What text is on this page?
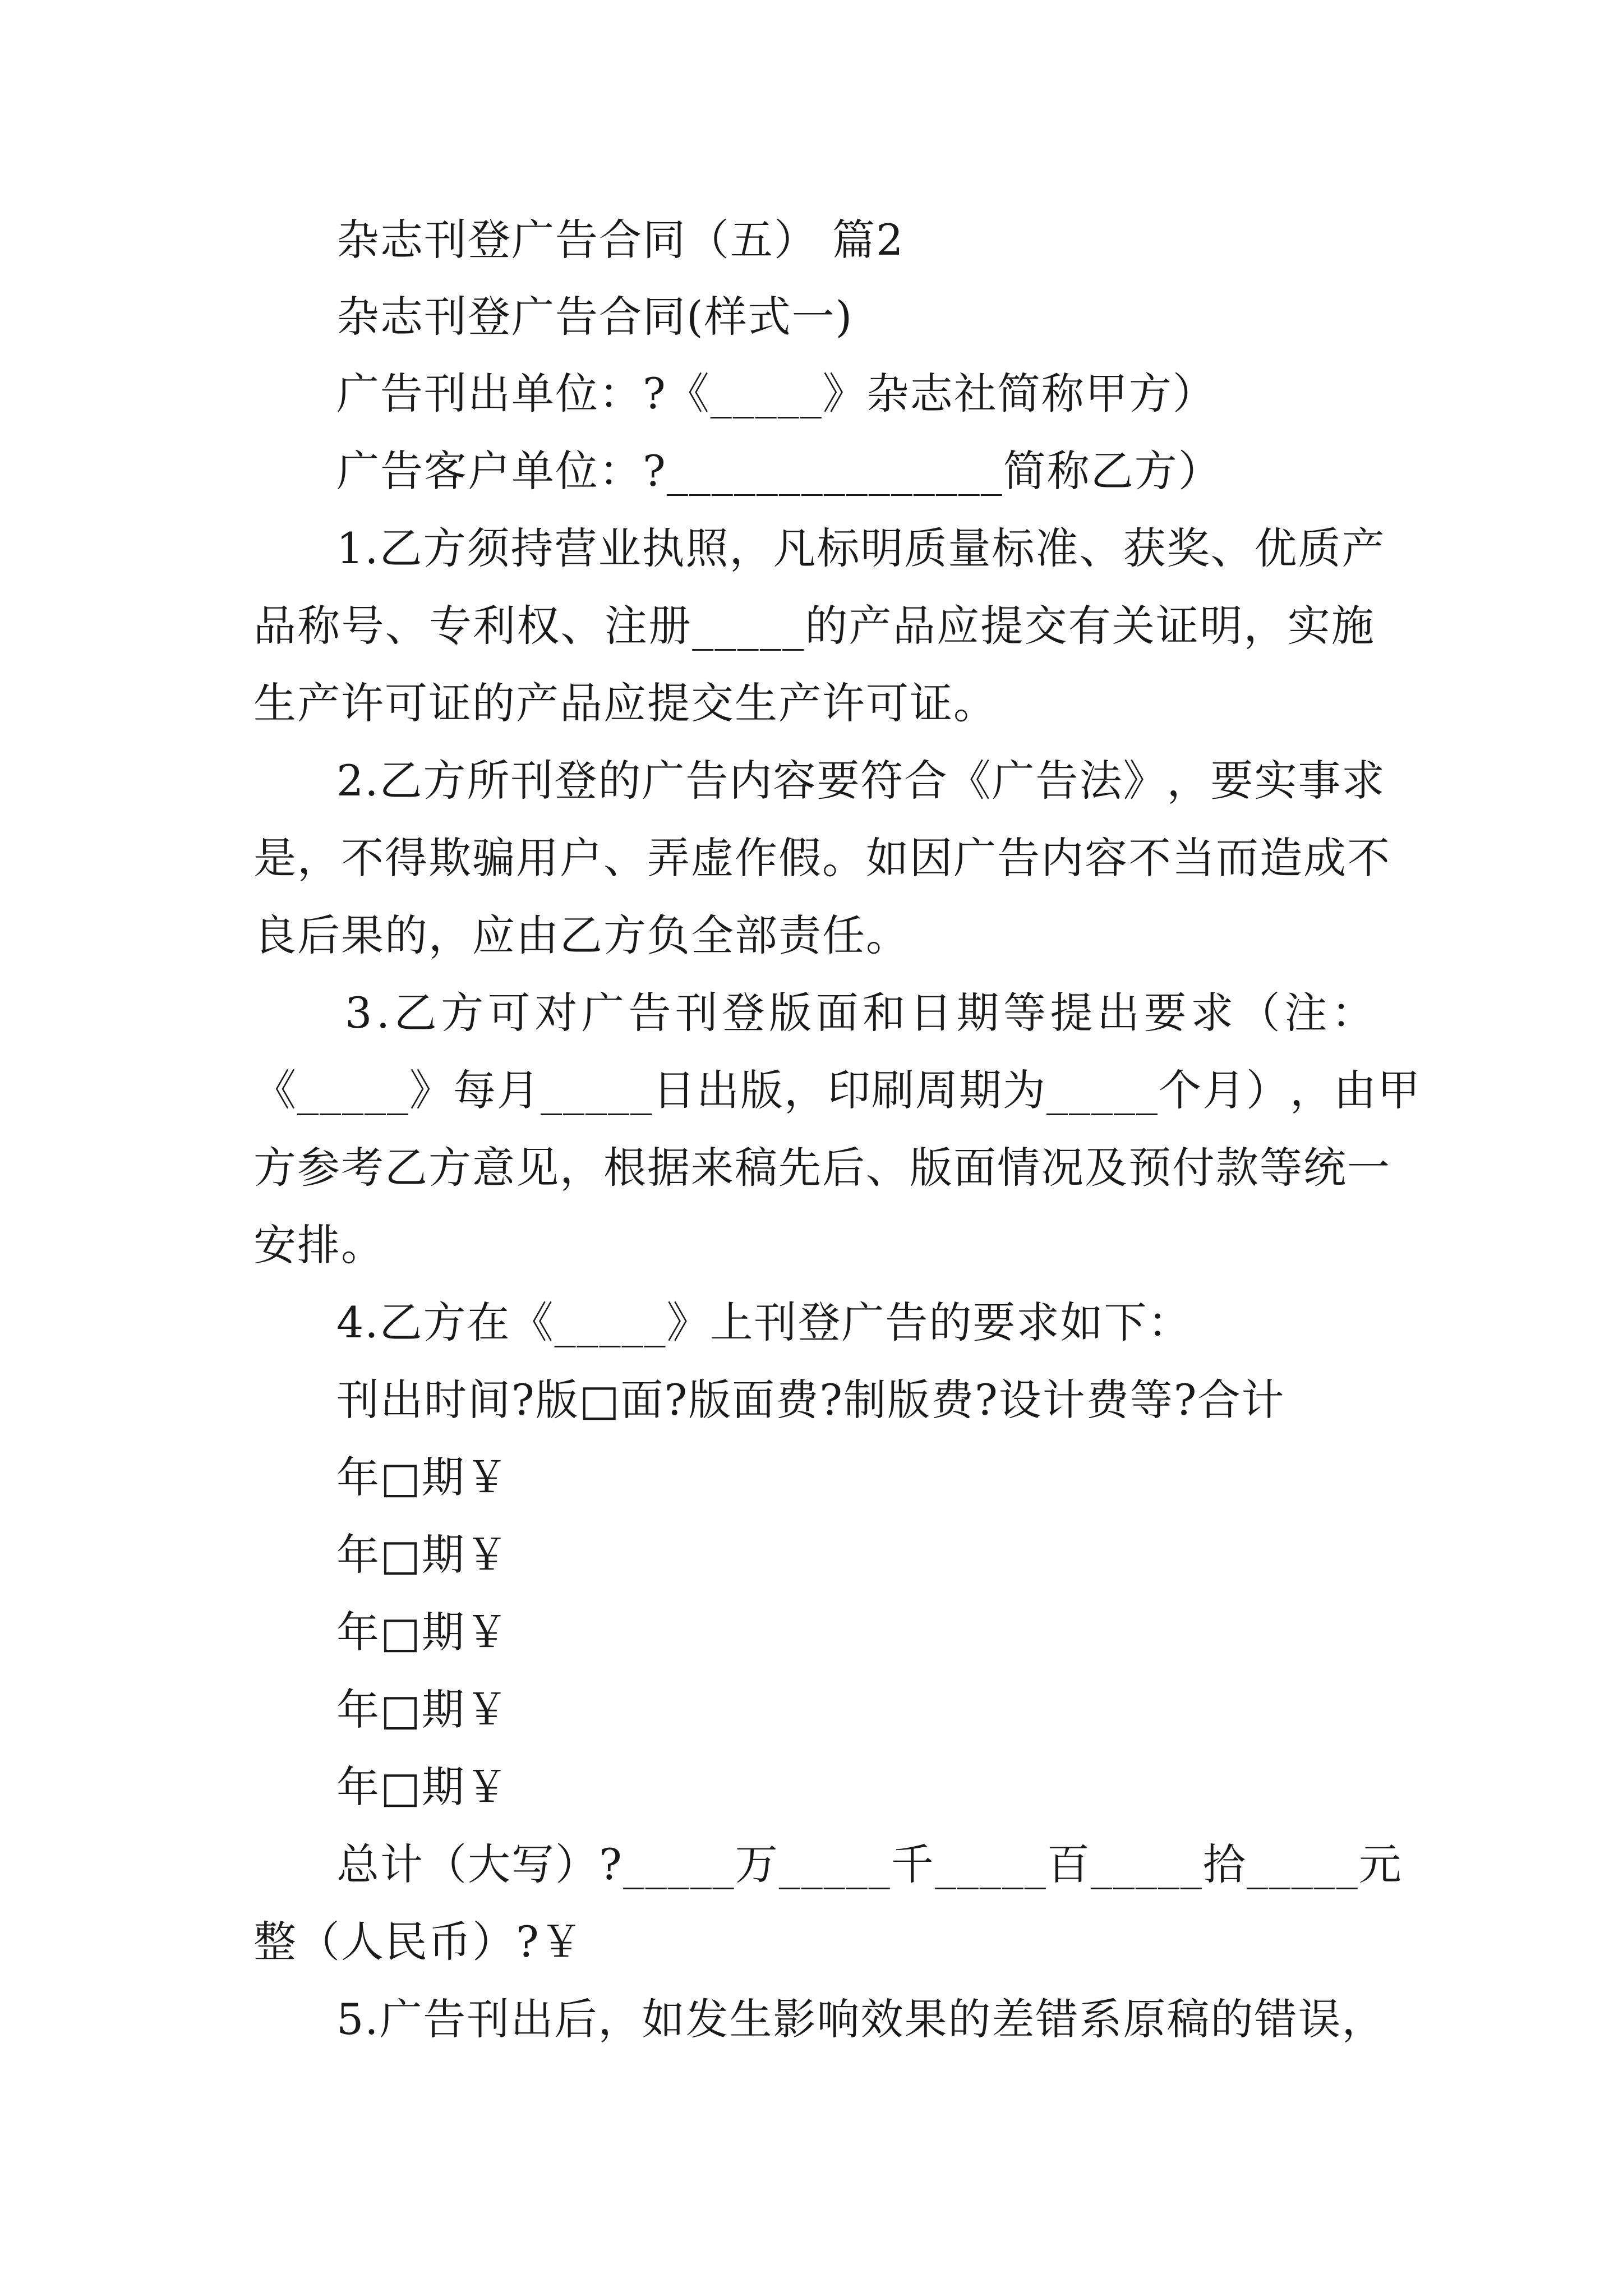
杂志刊登广告合同（五） 篇2
杂志刊登广告合同(样式一)
广告刊出单位：?《_____》杂志社简称甲方）
广告客户单位：?_______________简称乙方）
1 . 乙 方 须 持 营 业 执 照 ， 凡 标 明 质 量 标 准 、 获 奖 、 优 质 产
品 称 号 、 专 利 权 、 注 册 _ _ _ _ _ 的 产 品 应 提 交 有 关 证 明 ， 实 施
生产许可证的产品应提交生产许可证。
2 . 乙 方 所 刊 登 的 广 告 内 容 要 符 合 《 广 告 法 》 ， 要 实 事 求
是 ， 不 得 欺 骗 用 户 、 弄 虚 作 假 。 如 因 广 告 内 容 不 当 而 造 成 不
良后果的，应由乙方负全部责任。
3 . 乙 方 可 对 广 告 刊 登 版 面 和 日 期 等 提 出 要 求 （ 注 ：
《 _ _ _ _ _ 》 每 月 _ _ _ _ _ 日 出 版 ， 印 刷 周 期 为 _ _ _ _ _ 个 月 ） ， 由 甲
方 参 考 乙 方 意 见 ， 根 据 来 稿 先 后 、 版 面 情 况 及 预 付 款 等 统 一
安排。
4.乙方在《_____》上刊登广告的要求如下：
刊出时间?版□面?版面费?制版费?设计费等?合计
年□期￥
年□期￥
年□期￥
年□期￥
年□期￥
总 计 （ 大 写 ） ? _ _ _ _ _ 万 _ _ _ _ _ 千 _ _ _ _ _ 百 _ _ _ _ _ 拾 _ _ _ _ _ 元
整（人民币）?￥
5 . 广 告 刊 出 后 ， 如 发 生 影 响 效 果 的 差 错 系 原 稿 的 错 误 ，
